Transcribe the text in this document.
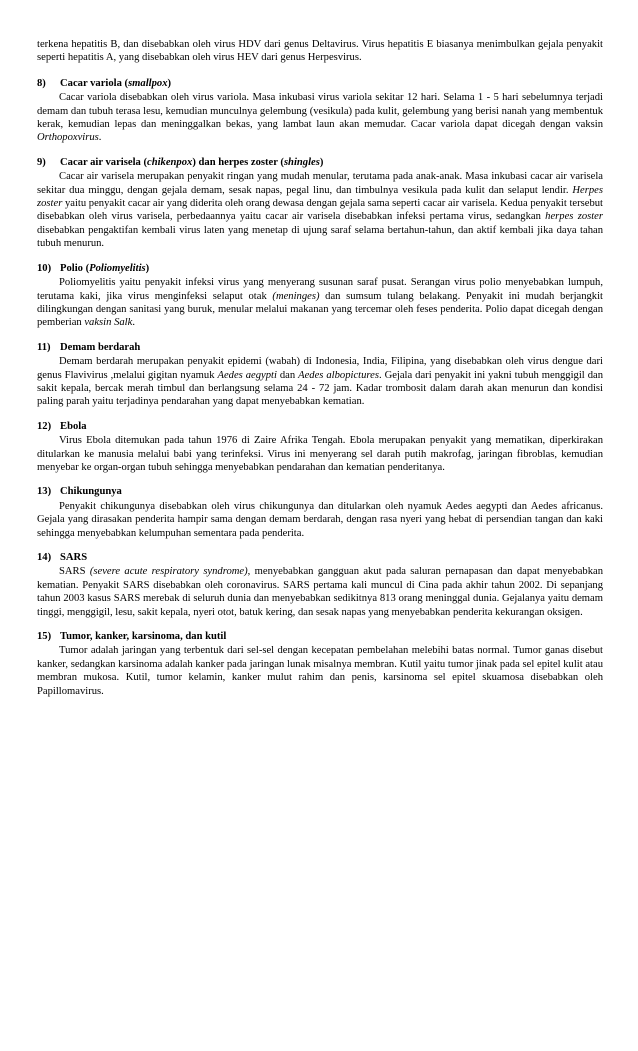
terkena hepatitis B, dan disebabkan oleh virus HDV dari genus Deltavirus. Virus hepatitis E biasanya menimbulkan gejala penyakit seperti hepatitis A, yang disebabkan oleh virus HEV dari genus Herpesvirus.

8) Cacar variola (smallpox)

Cacar variola disebabkan oleh virus variola. Masa inkubasi virus variola sekitar 12 hari. Selama 1 - 5 hari sebelumnya terjadi demam dan tubuh terasa lesu, kemudian munculnya gelembung (vesikula) pada kulit, gelembung yang berisi nanah yang membentuk kerak, kemudian lepas dan meninggalkan bekas, yang lambat laun akan memudar. Cacar variola dapat dicegah dengan vaksin Orthopoxvirus.

9) Cacar air varisela (chikenpox) dan herpes zoster (shingles)

Cacar air varisela merupakan penyakit ringan yang mudah menular, terutama pada anak-anak. Masa inkubasi cacar air varisela sekitar dua minggu, dengan gejala demam, sesak napas, pegal linu, dan timbulnya vesikula pada kulit dan selaput lendir. Herpes zoster yaitu penyakit cacar air yang diderita oleh orang dewasa dengan gejala sama seperti cacar air varisela. Kedua penyakit tersebut disebabkan oleh virus varisela, perbedaannya yaitu cacar air varisela disebabkan infeksi pertama virus, sedangkan herpes zoster disebabkan pengaktifan kembali virus laten yang menetap di ujung saraf selama bertahun-tahun, dan aktif kembali jika daya tahan tubuh menurun.

10) Polio (Poliomyelitis)

Poliomyelitis yaitu penyakit infeksi virus yang menyerang susunan saraf pusat. Serangan virus polio menyebabkan lumpuh, terutama kaki, jika virus menginfeksi selaput otak (meninges) dan sumsum tulang belakang. Penyakit ini mudah berjangkit dilingkungan dengan sanitasi yang buruk, menular melalui makanan yang tercemar oleh feses penderita. Polio dapat dicegah dengan pemberian vaksin Salk.

11) Demam berdarah

Demam berdarah merupakan penyakit epidemi (wabah) di Indonesia, India, Filipina, yang disebabkan oleh virus dengue dari genus Flavivirus ,melalui gigitan nyamuk Aedes aegypti dan Aedes albopictures. Gejala dari penyakit ini yakni tubuh menggigil dan sakit kepala, bercak merah timbul dan berlangsung selama 24 - 72 jam. Kadar trombosit dalam darah akan menurun dan kondisi paling parah yaitu terjadinya pendarahan yang dapat menyebabkan kematian.

12) Ebola

Virus Ebola ditemukan pada tahun 1976 di Zaire Afrika Tengah. Ebola merupakan penyakit yang mematikan, diperkirakan ditularkan ke manusia melalui babi yang terinfeksi. Virus ini menyerang sel darah putih makrofag, jaringan fibroblas, kemudian menyebar ke organ-organ tubuh sehingga menyebabkan pendarahan dan kematian penderitanya.

13) Chikungunya

Penyakit chikungunya disebabkan oleh virus chikungunya dan ditularkan oleh nyamuk Aedes aegypti dan Aedes africanus. Gejala yang dirasakan penderita hampir sama dengan demam berdarah, dengan rasa nyeri yang hebat di persendian tangan dan kaki sehingga menyebabkan kelumpuhan sementara pada penderita.

14) SARS

SARS (severe acute respiratory syndrome), menyebabkan gangguan akut pada saluran pernapasan dan dapat menyebabkan kematian. Penyakit SARS disebabkan oleh coronavirus. SARS pertama kali muncul di Cina pada akhir tahun 2002. Di sepanjang tahun 2003 kasus SARS merebak di seluruh dunia dan menyebabkan sedikitnya 813 orang meninggal dunia. Gejalanya yaitu demam tinggi, menggigil, lesu, sakit kepala, nyeri otot, batuk kering, dan sesak napas yang menyebabkan penderita kekurangan oksigen.

15) Tumor, kanker, karsinoma, dan kutil

Tumor adalah jaringan yang terbentuk dari sel-sel dengan kecepatan pembelahan melebihi batas normal. Tumor ganas disebut kanker, sedangkan karsinoma adalah kanker pada jaringan lunak misalnya membran. Kutil yaitu tumor jinak pada sel epitel kulit atau membran mukosa. Kutil, tumor kelamin, kanker mulut rahim dan penis, karsinoma sel epitel skuamosa disebabkan oleh Papillomavirus.
